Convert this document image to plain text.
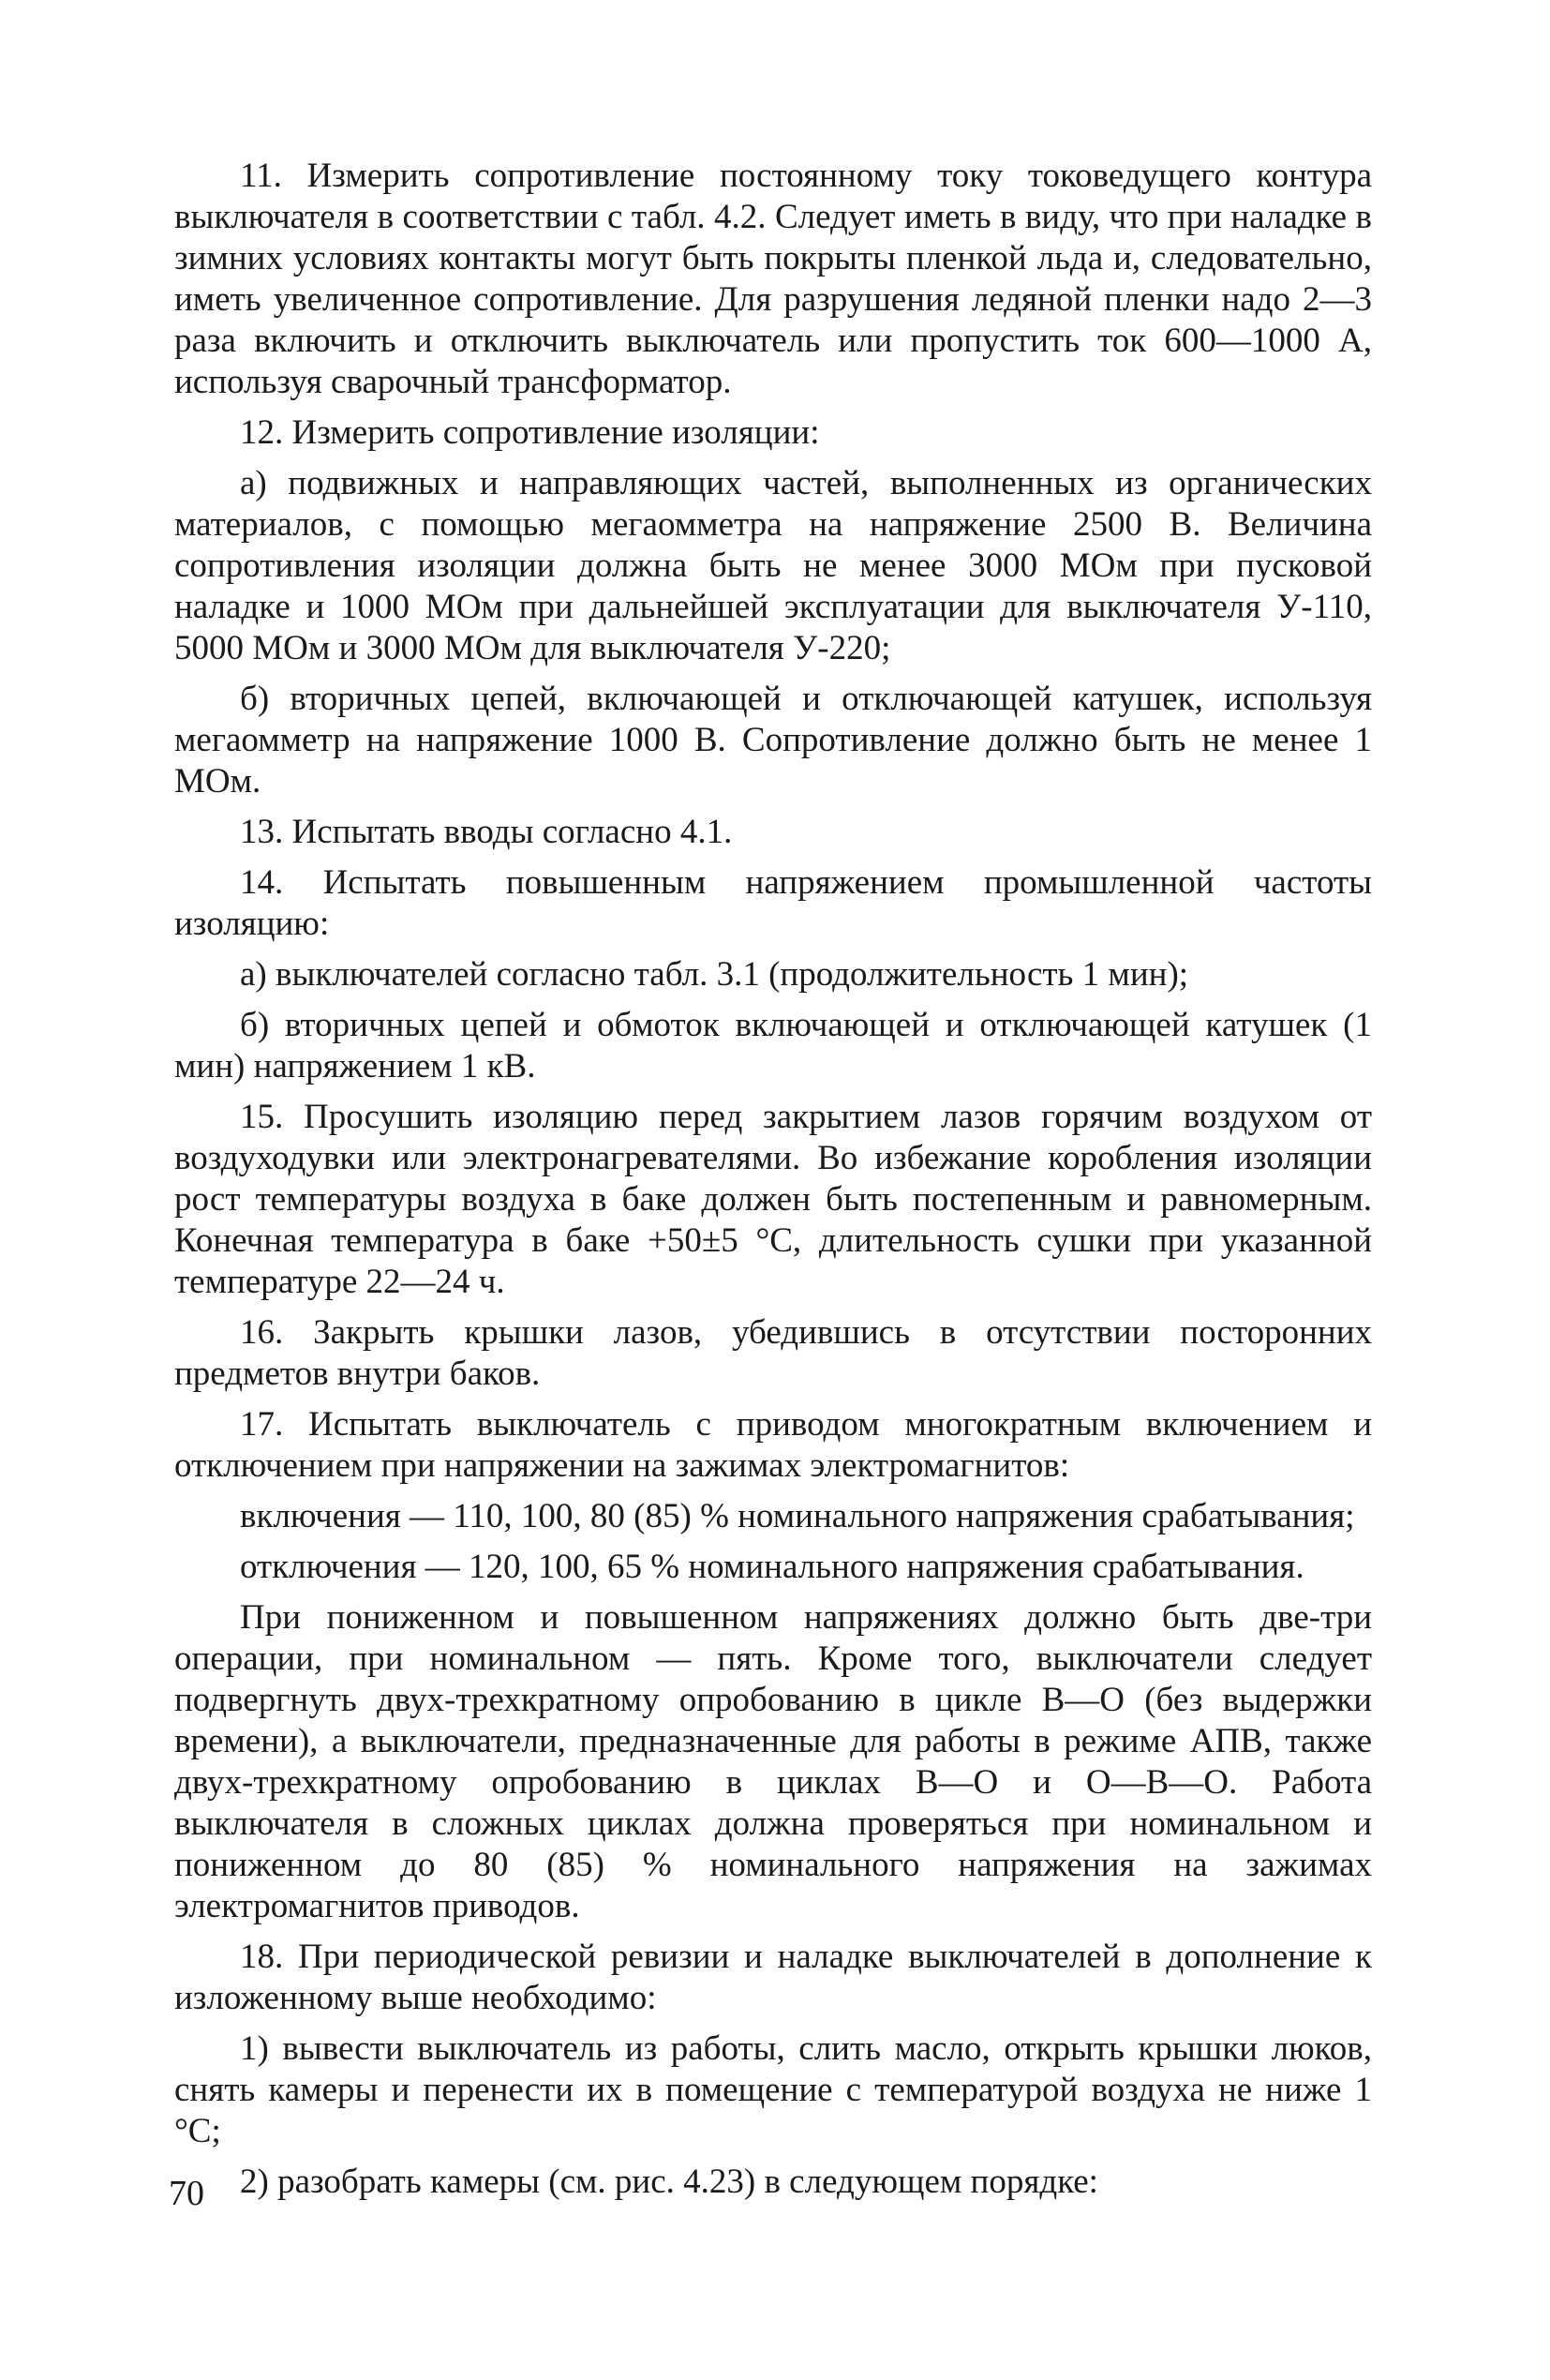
11. Измерить сопротивление постоянному току токоведущего контура выключателя в соответствии с табл. 4.2. Следует иметь в виду, что при наладке в зимних условиях контакты могут быть покрыты пленкой льда и, следовательно, иметь увеличенное сопротивление. Для разрушения ледяной пленки надо 2—3 раза включить и отключить выключатель или пропустить ток 600—1000 А, используя сварочный трансформатор.

12. Измерить сопротивление изоляции:

а) подвижных и направляющих частей, выполненных из органических материалов, с помощью мегаомметра на напряжение 2500 В. Величина сопротивления изоляции должна быть не менее 3000 МОм при пусковой наладке и 1000 МОм при дальнейшей эксплуатации для выключателя У-110, 5000 МОм и 3000 МОм для выключателя У-220;

б) вторичных цепей, включающей и отключающей катушек, используя мегаомметр на напряжение 1000 В. Сопротивление должно быть не менее 1 МОм.

13. Испытать вводы согласно 4.1.

14. Испытать повышенным напряжением промышленной частоты изоляцию:

а) выключателей согласно табл. 3.1 (продолжительность 1 мин);

б) вторичных цепей и обмоток включающей и отключающей катушек (1 мин) напряжением 1 кВ.

15. Просушить изоляцию перед закрытием лазов горячим воздухом от воздуходувки или электронагревателями. Во избежание коробления изоляции рост температуры воздуха в баке должен быть постепенным и равномерным. Конечная температура в баке +50±5 °С, длительность сушки при указанной температуре 22—24 ч.

16. Закрыть крышки лазов, убедившись в отсутствии посторонних предметов внутри баков.

17. Испытать выключатель с приводом многократным включением и отключением при напряжении на зажимах электромагнитов:

включения — 110, 100, 80 (85) % номинального напряжения срабатывания;

отключения — 120, 100, 65 % номинального напряжения срабатывания.

При пониженном и повышенном напряжениях должно быть две-три операции, при номинальном — пять. Кроме того, выключатели следует подвергнуть двух-трехкратному опробованию в цикле В—О (без выдержки времени), а выключатели, предназначенные для работы в режиме АПВ, также двух-трехкратному опробованию в циклах В—О и О—В—О. Работа выключателя в сложных циклах должна проверяться при номинальном и пониженном до 80 (85) % номинального напряжения на зажимах электромагнитов приводов.

18. При периодической ревизии и наладке выключателей в дополнение к изложенному выше необходимо:

1) вывести выключатель из работы, слить масло, открыть крышки люков, снять камеры и перенести их в помещение с температурой воздуха не ниже 1 °С;

2) разобрать камеры (см. рис. 4.23) в следующем порядке:

70
